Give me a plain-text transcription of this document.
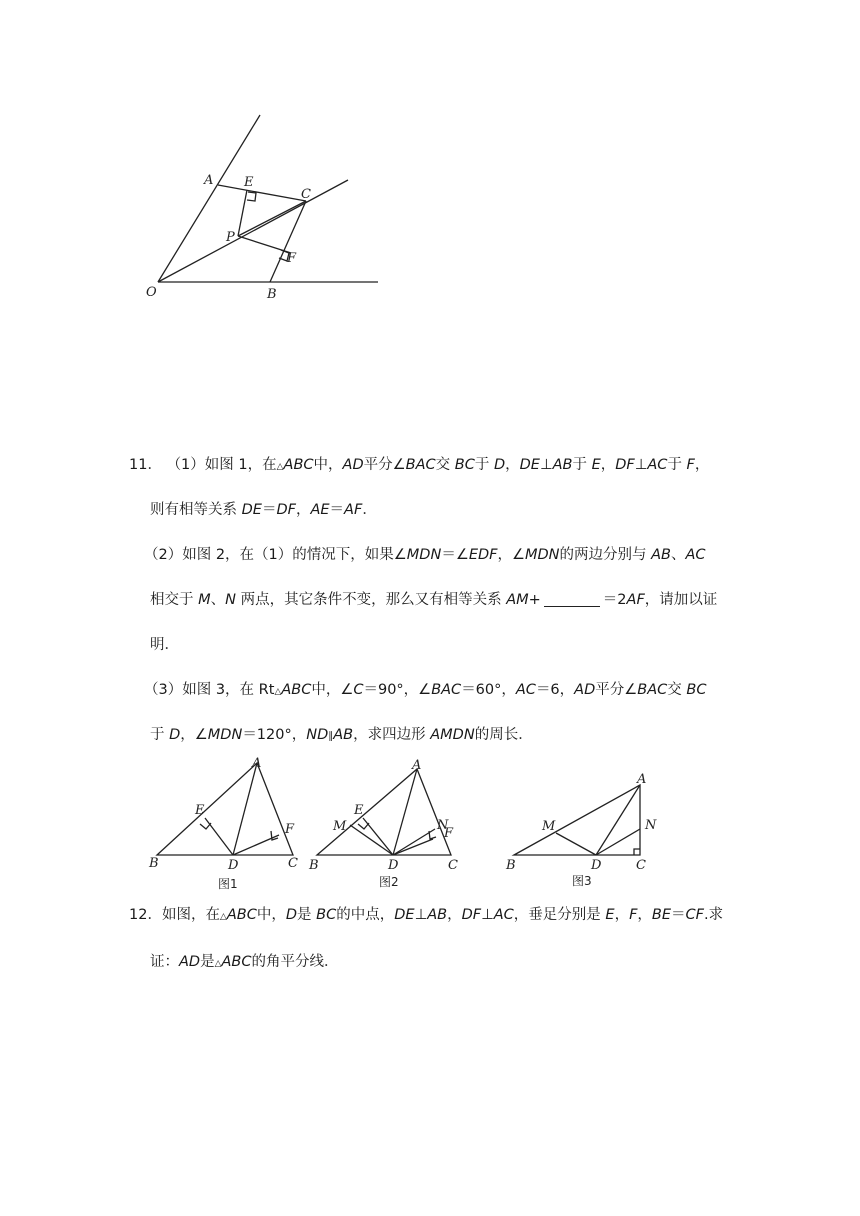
O
A E
C
P
F
B
11． （1）如图 1，在△ABC中，AD平分∠BAC交 BC于 D，DE⊥AB于 E，DF⊥AC于 F，
则有相等关系 DE＝DF，AE＝AF．
（2）如图 2，在（1）的情况下，如果∠MDN＝∠EDF，∠MDN的两边分别与 AB、AC
相交于 M、N 两点，其它条件不变，那么又有相等关系 AM+	＝2AF，请加以证
明．
（3）如图 3，在 Rt△ABC中，∠C＝90°，∠BAC＝60°，AC＝6，AD平分∠BAC交 BC
于 D，∠MDN＝120°，ND∥AB，求四边形 AMDN的周长．
A
E
F
B	D	C
图1
A
E
N
M	F
B	D	C
图2
A
M	N
B	D	C
图3
12．如图，在△ABC中，D是 BC的中点，DE⊥AB，DF⊥AC，垂足分别是 E，F，BE＝CF.求
证：AD是△ABC的角平分线．
